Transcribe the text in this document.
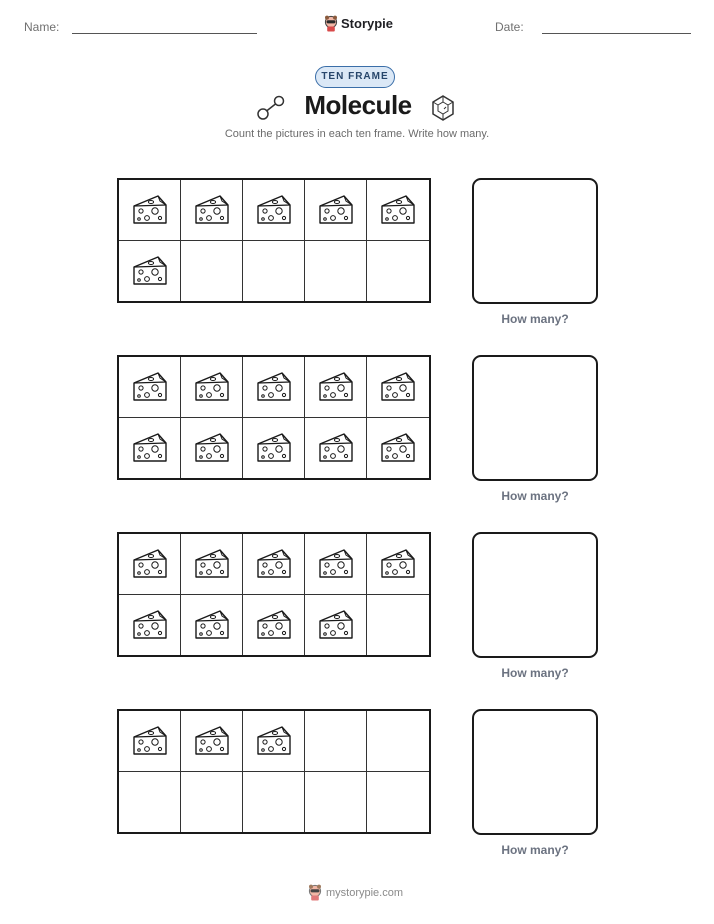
Name:	Storypie	Date:
TEN FRAME
Molecule
Count the pictures in each ten frame. Write how many.
How many?
How many?
How many?
How many?
mystorypie.com
